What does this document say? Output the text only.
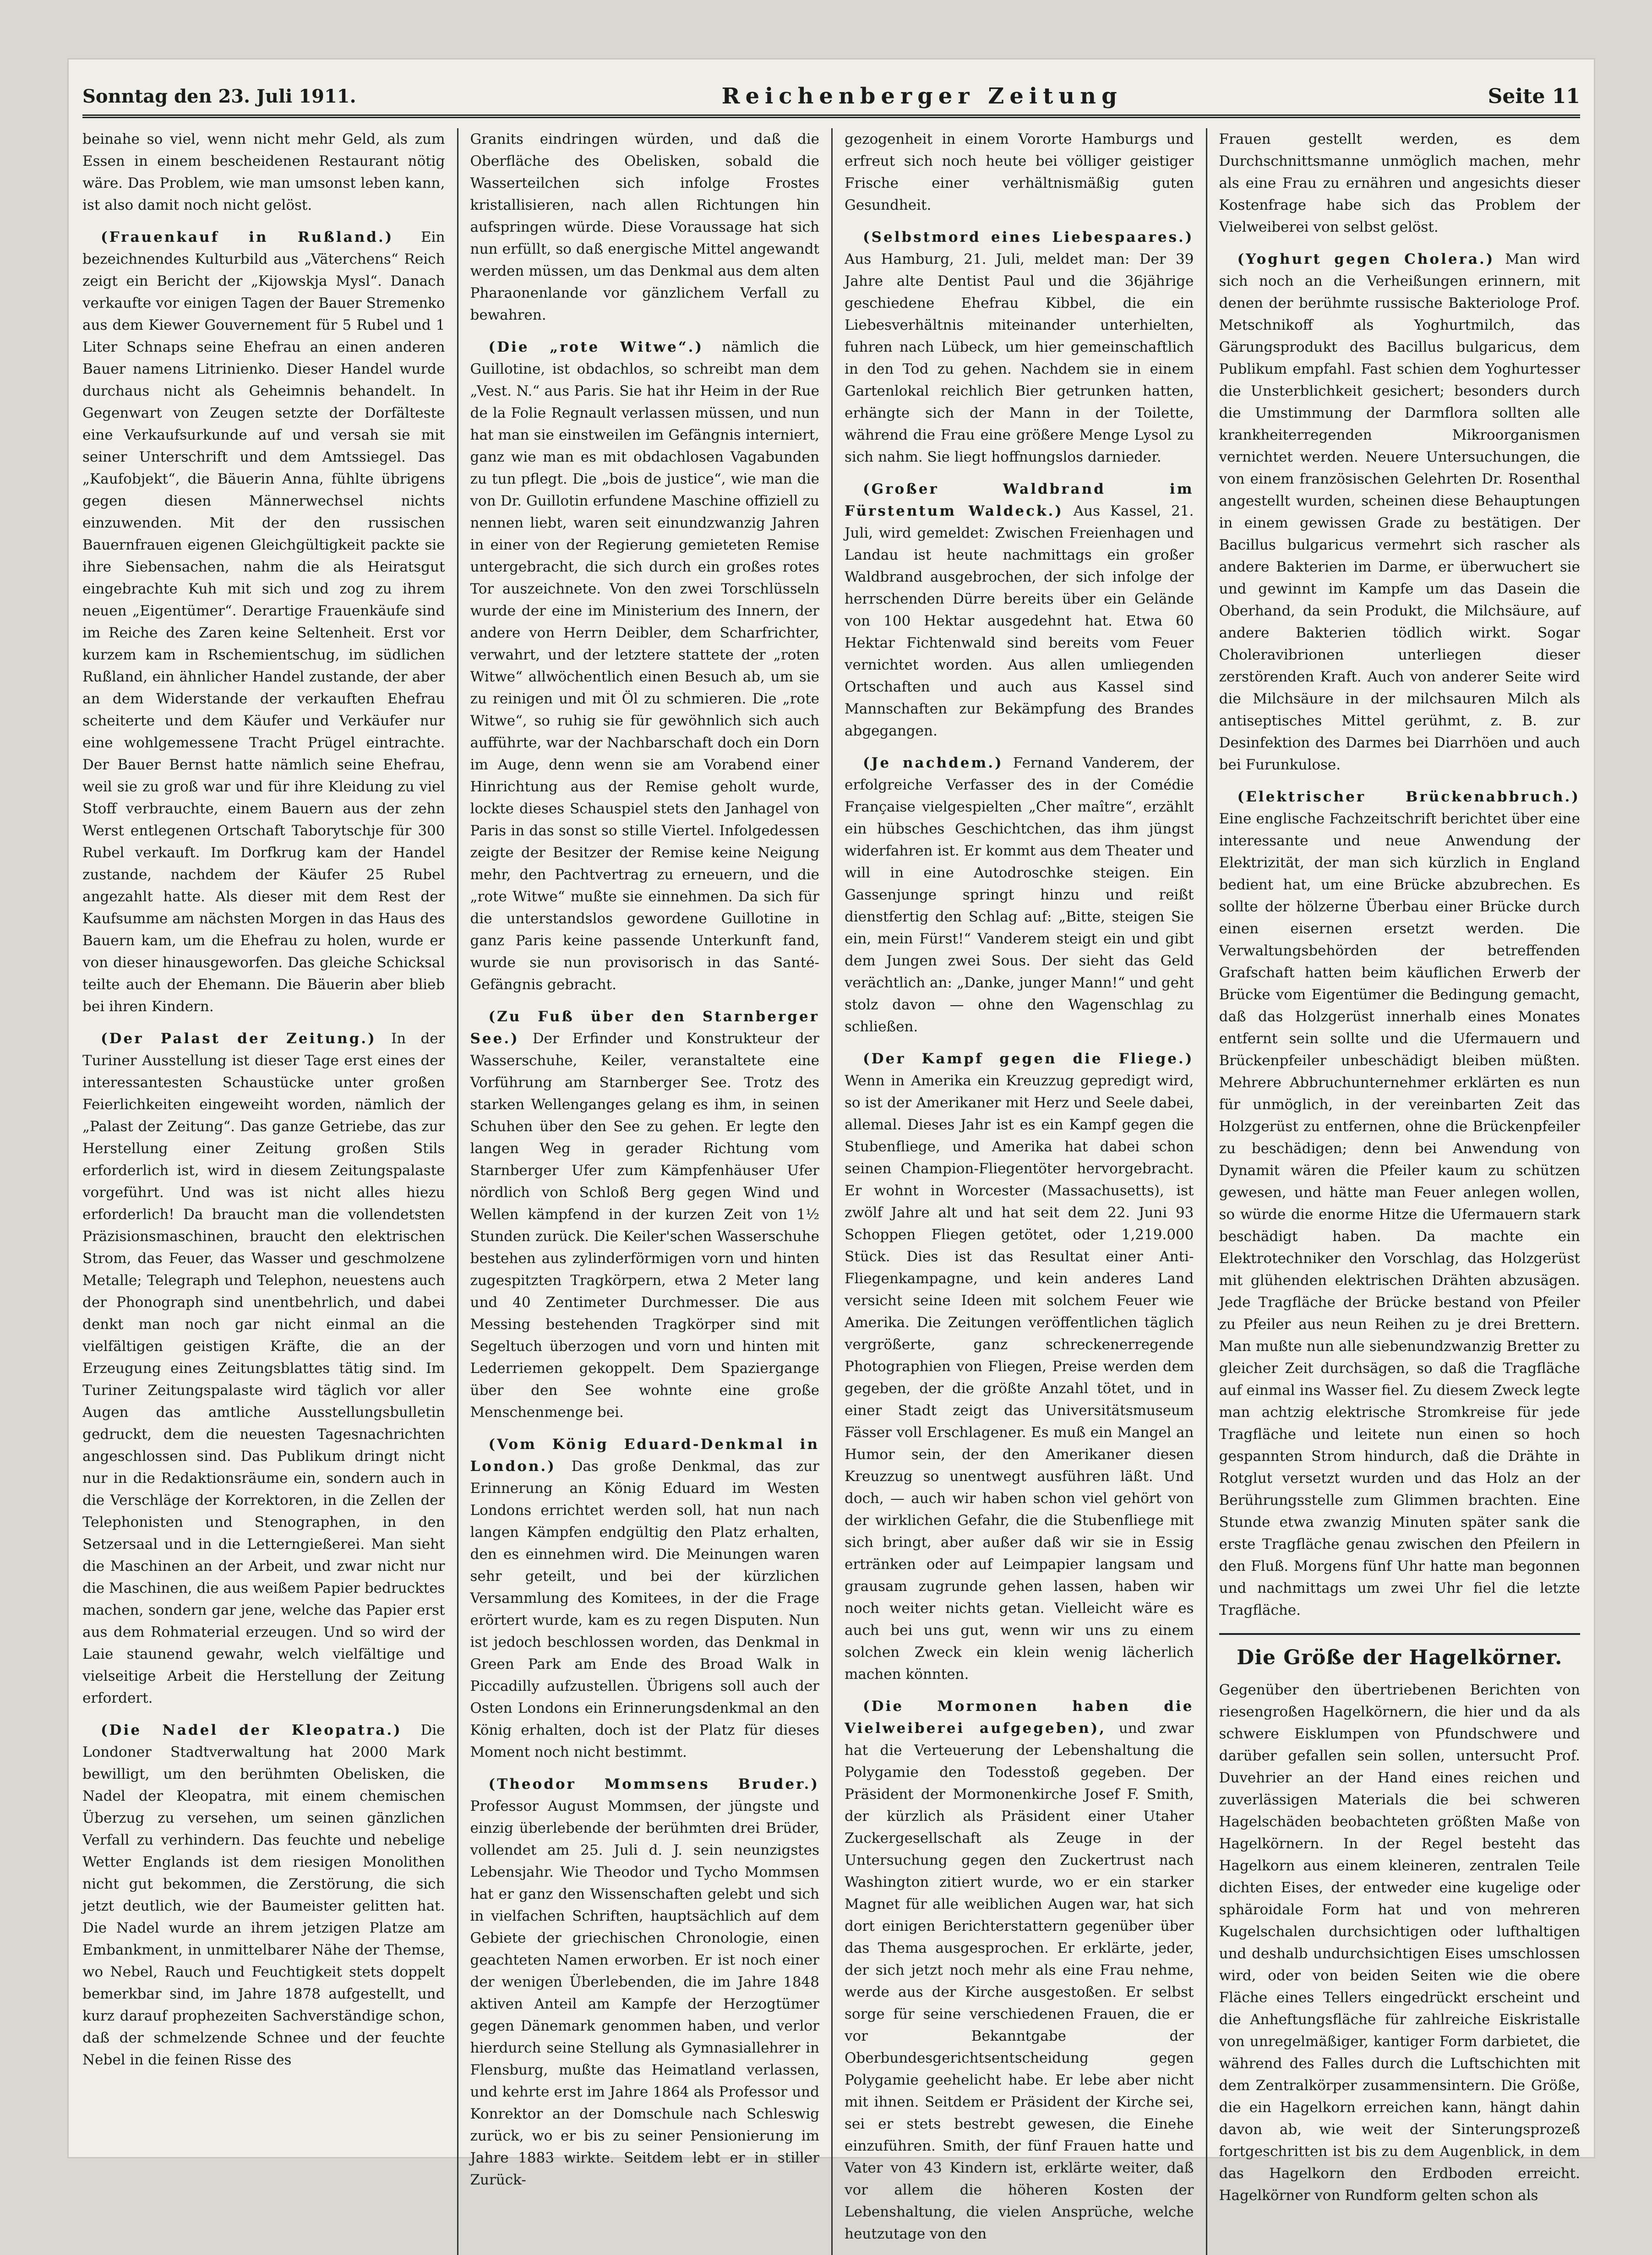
Sonntag den 23. Juli 1911.	Reichenberger Zeitung	Seite 11

beinahe so viel, wenn nicht mehr Geld, als zum Essen in einem bescheidenen Restaurant nötig wäre. Das Problem, wie man umsonst leben kann, ist also damit noch nicht gelöst.

(Frauenkauf in Rußland.) Ein bezeichnendes Kulturbild aus „Väterchens“ Reich zeigt ein Bericht der „Kijowskja Mysl“. Danach verkaufte vor einigen Tagen der Bauer Stremenko aus dem Kiewer Gouvernement für 5 Rubel und 1 Liter Schnaps seine Ehefrau an einen anderen Bauer namens Litrinienko. Dieser Handel wurde durchaus nicht als Geheimnis behandelt. In Gegenwart von Zeugen setzte der Dorfälteste eine Verkaufsurkunde auf und versah sie mit seiner Unterschrift und dem Amtssiegel. Das „Kaufobjekt“, die Bäuerin Anna, fühlte übrigens gegen diesen Männerwechsel nichts einzuwenden. Mit der den russischen Bauernfrauen eigenen Gleichgültigkeit packte sie ihre Siebensachen, nahm die als Heiratsgut eingebrachte Kuh mit sich und zog zu ihrem neuen „Eigentümer“. Derartige Frauenkäufe sind im Reiche des Zaren keine Seltenheit. Erst vor kurzem kam in Rschemientschug, im südlichen Rußland, ein ähnlicher Handel zustande, der aber an dem Widerstande der verkauften Ehefrau scheiterte und dem Käufer und Verkäufer nur eine wohlgemessene Tracht Prügel eintrachte. Der Bauer Bernst hatte nämlich seine Ehefrau, weil sie zu groß war und für ihre Kleidung zu viel Stoff verbrauchte, einem Bauern aus der zehn Werst entlegenen Ortschaft Taborytschje für 300 Rubel verkauft. Im Dorfkrug kam der Handel zustande, nachdem der Käufer 25 Rubel angezahlt hatte. Als dieser mit dem Rest der Kaufsumme am nächsten Morgen in das Haus des Bauern kam, um die Ehefrau zu holen, wurde er von dieser hinausgeworfen. Das gleiche Schicksal teilte auch der Ehemann. Die Bäuerin aber blieb bei ihren Kindern.

(Der Palast der Zeitung.) In der Turiner Ausstellung ist dieser Tage erst eines der interessantesten Schaustücke unter großen Feierlichkeiten eingeweiht worden, nämlich der „Palast der Zeitung“. Das ganze Getriebe, das zur Herstellung einer Zeitung großen Stils erforderlich ist, wird in diesem Zeitungspalaste vorgeführt. Und was ist nicht alles hiezu erforderlich! Da braucht man die vollendetsten Präzisionsmaschinen, braucht den elektrischen Strom, das Feuer, das Wasser und geschmolzene Metalle; Telegraph und Telephon, neuestens auch der Phonograph sind unentbehrlich, und dabei denkt man noch gar nicht einmal an die vielfältigen geistigen Kräfte, die an der Erzeugung eines Zeitungsblattes tätig sind. Im Turiner Zeitungspalaste wird täglich vor aller Augen das amtliche Ausstellungsbulletin gedruckt, dem die neuesten Tagesnachrichten angeschlossen sind. Das Publikum dringt nicht nur in die Redaktionsräume ein, sondern auch in die Verschläge der Korrektoren, in die Zellen der Telephonisten und Stenographen, in den Setzersaal und in die Letterngießerei. Man sieht die Maschinen an der Arbeit, und zwar nicht nur die Maschinen, die aus weißem Papier bedrucktes machen, sondern gar jene, welche das Papier erst aus dem Rohmaterial erzeugen. Und so wird der Laie staunend gewahr, welch vielfältige und vielseitige Arbeit die Herstellung der Zeitung erfordert.

(Die Nadel der Kleopatra.) Die Londoner Stadtverwaltung hat 2000 Mark bewilligt, um den berühmten Obelisken, die Nadel der Kleopatra, mit einem chemischen Überzug zu versehen, um seinen gänzlichen Verfall zu verhindern. Das feuchte und nebelige Wetter Englands ist dem riesigen Monolithen nicht gut bekommen, die Zerstörung, die sich jetzt deutlich, wie der Baumeister gelitten hat. Die Nadel wurde an ihrem jetzigen Platze am Embankment, in unmittelbarer Nähe der Themse, wo Nebel, Rauch und Feuchtigkeit stets doppelt bemerkbar sind, im Jahre 1878 aufgestellt, und kurz darauf prophezeiten Sachverständige schon, daß der schmelzende Schnee und der feuchte Nebel in die feinen Risse des

Granits eindringen würden, und daß die Oberfläche des Obelisken, sobald die Wasserteilchen sich infolge Frostes kristallisieren, nach allen Richtungen hin aufspringen würde. Diese Voraussage hat sich nun erfüllt, so daß energische Mittel angewandt werden müssen, um das Denkmal aus dem alten Pharaonenlande vor gänzlichem Verfall zu bewahren.

(Die „rote Witwe“.) nämlich die Guillotine, ist obdachlos, so schreibt man dem „Vest. N.“ aus Paris. Sie hat ihr Heim in der Rue de la Folie Regnault verlassen müssen, und nun hat man sie einstweilen im Gefängnis interniert, ganz wie man es mit obdachlosen Vagabunden zu tun pflegt. Die „bois de justice“, wie man die von Dr. Guillotin erfundene Maschine offiziell zu nennen liebt, waren seit einundzwanzig Jahren in einer von der Regierung gemieteten Remise untergebracht, die sich durch ein großes rotes Tor auszeichnete. Von den zwei Torschlüsseln wurde der eine im Ministerium des Innern, der andere von Herrn Deibler, dem Scharfrichter, verwahrt, und der letztere stattete der „roten Witwe“ allwöchentlich einen Besuch ab, um sie zu reinigen und mit Öl zu schmieren. Die „rote Witwe“, so ruhig sie für gewöhnlich sich auch aufführte, war der Nachbarschaft doch ein Dorn im Auge, denn wenn sie am Vorabend einer Hinrichtung aus der Remise geholt wurde, lockte dieses Schauspiel stets den Janhagel von Paris in das sonst so stille Viertel. Infolgedessen zeigte der Besitzer der Remise keine Neigung mehr, den Pachtvertrag zu erneuern, und die „rote Witwe“ mußte sie einnehmen. Da sich für die unterstandslos gewordene Guillotine in ganz Paris keine passende Unterkunft fand, wurde sie nun provisorisch in das Santé-Gefängnis gebracht.

(Zu Fuß über den Starnberger See.) Der Erfinder und Konstrukteur der Wasserschuhe, Keiler, veranstaltete eine Vorführung am Starnberger See. Trotz des starken Wellenganges gelang es ihm, in seinen Schuhen über den See zu gehen. Er legte den langen Weg in gerader Richtung vom Starnberger Ufer zum Kämpfenhäuser Ufer nördlich von Schloß Berg gegen Wind und Wellen kämpfend in der kurzen Zeit von 1½ Stunden zurück. Die Keiler'schen Wasserschuhe bestehen aus zylinderförmigen vorn und hinten zugespitzten Tragkörpern, etwa 2 Meter lang und 40 Zentimeter Durchmesser. Die aus Messing bestehenden Tragkörper sind mit Segeltuch überzogen und vorn und hinten mit Lederriemen gekoppelt. Dem Spaziergange über den See wohnte eine große Menschenmenge bei.

(Vom König Eduard-Denkmal in London.) Das große Denkmal, das zur Erinnerung an König Eduard im Westen Londons errichtet werden soll, hat nun nach langen Kämpfen endgültig den Platz erhalten, den es einnehmen wird. Die Meinungen waren sehr geteilt, und bei der kürzlichen Versammlung des Komitees, in der die Frage erörtert wurde, kam es zu regen Disputen. Nun ist jedoch beschlossen worden, das Denkmal in Green Park am Ende des Broad Walk in Piccadilly aufzustellen. Übrigens soll auch der Osten Londons ein Erinnerungsdenkmal an den König erhalten, doch ist der Platz für dieses Moment noch nicht bestimmt.

(Theodor Mommsens Bruder.) Professor August Mommsen, der jüngste und einzig überlebende der berühmten drei Brüder, vollendet am 25. Juli d. J. sein neunzigstes Lebensjahr. Wie Theodor und Tycho Mommsen hat er ganz den Wissenschaften gelebt und sich in vielfachen Schriften, hauptsächlich auf dem Gebiete der griechischen Chronologie, einen geachteten Namen erworben. Er ist noch einer der wenigen Überlebenden, die im Jahre 1848 aktiven Anteil am Kampfe der Herzogtümer gegen Dänemark genommen haben, und verlor hierdurch seine Stellung als Gymnasiallehrer in Flensburg, mußte das Heimatland verlassen, und kehrte erst im Jahre 1864 als Professor und Konrektor an der Domschule nach Schleswig zurück, wo er bis zu seiner Pensionierung im Jahre 1883 wirkte. Seitdem lebt er in stiller Zurück-

gezogenheit in einem Vororte Hamburgs und erfreut sich noch heute bei völliger geistiger Frische einer verhältnismäßig guten Gesundheit.

(Selbstmord eines Liebespaares.) Aus Hamburg, 21. Juli, meldet man: Der 39 Jahre alte Dentist Paul und die 36jährige geschiedene Ehefrau Kibbel, die ein Liebesverhältnis miteinander unterhielten, fuhren nach Lübeck, um hier gemeinschaftlich in den Tod zu gehen. Nachdem sie in einem Gartenlokal reichlich Bier getrunken hatten, erhängte sich der Mann in der Toilette, während die Frau eine größere Menge Lysol zu sich nahm. Sie liegt hoffnungslos darnieder.

(Großer Waldbrand im Fürstentum Waldeck.) Aus Kassel, 21. Juli, wird gemeldet: Zwischen Freienhagen und Landau ist heute nachmittags ein großer Waldbrand ausgebrochen, der sich infolge der herrschenden Dürre bereits über ein Gelände von 100 Hektar ausgedehnt hat. Etwa 60 Hektar Fichtenwald sind bereits vom Feuer vernichtet worden. Aus allen umliegenden Ortschaften und auch aus Kassel sind Mannschaften zur Bekämpfung des Brandes abgegangen.

(Je nachdem.) Fernand Vanderem, der erfolgreiche Verfasser des in der Comédie Française vielgespielten „Cher maître“, erzählt ein hübsches Geschichtchen, das ihm jüngst widerfahren ist. Er kommt aus dem Theater und will in eine Autodroschke steigen. Ein Gassenjunge springt hinzu und reißt dienstfertig den Schlag auf: „Bitte, steigen Sie ein, mein Fürst!“ Vanderem steigt ein und gibt dem Jungen zwei Sous. Der sieht das Geld verächtlich an: „Danke, junger Mann!“ und geht stolz davon — ohne den Wagenschlag zu schließen.

(Der Kampf gegen die Fliege.) Wenn in Amerika ein Kreuzzug gepredigt wird, so ist der Amerikaner mit Herz und Seele dabei, allemal. Dieses Jahr ist es ein Kampf gegen die Stubenfliege, und Amerika hat dabei schon seinen Champion-Fliegentöter hervorgebracht. Er wohnt in Worcester (Massachusetts), ist zwölf Jahre alt und hat seit dem 22. Juni 93 Schoppen Fliegen getötet, oder 1,219.000 Stück. Dies ist das Resultat einer Anti-Fliegenkampagne, und kein anderes Land versicht seine Ideen mit solchem Feuer wie Amerika. Die Zeitungen veröffentlichen täglich vergrößerte, ganz schreckenerregende Photographien von Fliegen, Preise werden dem gegeben, der die größte Anzahl tötet, und in einer Stadt zeigt das Universitätsmuseum Fässer voll Erschlagener. Es muß ein Mangel an Humor sein, der den Amerikaner diesen Kreuzzug so unentwegt ausführen läßt. Und doch, — auch wir haben schon viel gehört von der wirklichen Gefahr, die die Stubenfliege mit sich bringt, aber außer daß wir sie in Essig ertränken oder auf Leimpapier langsam und grausam zugrunde gehen lassen, haben wir noch weiter nichts getan. Vielleicht wäre es auch bei uns gut, wenn wir uns zu einem solchen Zweck ein klein wenig lächerlich machen könnten.

(Die Mormonen haben die Vielweiberei aufgegeben), und zwar hat die Verteuerung der Lebenshaltung die Polygamie den Todesstoß gegeben. Der Präsident der Mormonenkirche Josef F. Smith, der kürzlich als Präsident einer Utaher Zuckergesellschaft als Zeuge in der Untersuchung gegen den Zuckertrust nach Washington zitiert wurde, wo er ein starker Magnet für alle weiblichen Augen war, hat sich dort einigen Berichterstattern gegenüber über das Thema ausgesprochen. Er erklärte, jeder, der sich jetzt noch mehr als eine Frau nehme, werde aus der Kirche ausgestoßen. Er selbst sorge für seine verschiedenen Frauen, die er vor Bekanntgabe der Oberbundesgerichtsentscheidung gegen Polygamie geehelicht habe. Er lebe aber nicht mit ihnen. Seitdem er Präsident der Kirche sei, sei er stets bestrebt gewesen, die Einehe einzuführen. Smith, der fünf Frauen hatte und Vater von 43 Kindern ist, erklärte weiter, daß vor allem die höheren Kosten der Lebenshaltung, die vielen Ansprüche, welche heutzutage von den

Frauen gestellt werden, es dem Durchschnittsmanne unmöglich machen, mehr als eine Frau zu ernähren und angesichts dieser Kostenfrage habe sich das Problem der Vielweiberei von selbst gelöst.

(Yoghurt gegen Cholera.) Man wird sich noch an die Verheißungen erinnern, mit denen der berühmte russische Bakteriologe Prof. Metschnikoff als Yoghurtmilch, das Gärungsprodukt des Bacillus bulgaricus, dem Publikum empfahl. Fast schien dem Yoghurtesser die Unsterblichkeit gesichert; besonders durch die Umstimmung der Darmflora sollten alle krankheiterregenden Mikroorganismen vernichtet werden. Neuere Untersuchungen, die von einem französischen Gelehrten Dr. Rosenthal angestellt wurden, scheinen diese Behauptungen in einem gewissen Grade zu bestätigen. Der Bacillus bulgaricus vermehrt sich rascher als andere Bakterien im Darme, er überwuchert sie und gewinnt im Kampfe um das Dasein die Oberhand, da sein Produkt, die Milchsäure, auf andere Bakterien tödlich wirkt. Sogar Choleravibrionen unterliegen dieser zerstörenden Kraft. Auch von anderer Seite wird die Milchsäure in der milchsauren Milch als antiseptisches Mittel gerühmt, z. B. zur Desinfektion des Darmes bei Diarrhöen und auch bei Furunkulose.

(Elektrischer Brückenabbruch.) Eine englische Fachzeitschrift berichtet über eine interessante und neue Anwendung der Elektrizität, der man sich kürzlich in England bedient hat, um eine Brücke abzubrechen. Es sollte der hölzerne Überbau einer Brücke durch einen eisernen ersetzt werden. Die Verwaltungsbehörden der betreffenden Grafschaft hatten beim käuflichen Erwerb der Brücke vom Eigentümer die Bedingung gemacht, daß das Holzgerüst innerhalb eines Monates entfernt sein sollte und die Ufermauern und Brückenpfeiler unbeschädigt bleiben müßten. Mehrere Abbruchunternehmer erklärten es nun für unmöglich, in der vereinbarten Zeit das Holzgerüst zu entfernen, ohne die Brückenpfeiler zu beschädigen; denn bei Anwendung von Dynamit wären die Pfeiler kaum zu schützen gewesen, und hätte man Feuer anlegen wollen, so würde die enorme Hitze die Ufermauern stark beschädigt haben. Da machte ein Elektrotechniker den Vorschlag, das Holzgerüst mit glühenden elektrischen Drähten abzusägen. Jede Tragfläche der Brücke bestand von Pfeiler zu Pfeiler aus neun Reihen zu je drei Brettern. Man mußte nun alle siebenundzwanzig Bretter zu gleicher Zeit durchsägen, so daß die Tragfläche auf einmal ins Wasser fiel. Zu diesem Zweck legte man achtzig elektrische Stromkreise für jede Tragfläche und leitete nun einen so hoch gespannten Strom hindurch, daß die Drähte in Rotglut versetzt wurden und das Holz an der Berührungsstelle zum Glimmen brachten. Eine Stunde etwa zwanzig Minuten später sank die erste Tragfläche genau zwischen den Pfeilern in den Fluß. Morgens fünf Uhr hatte man begonnen und nachmittags um zwei Uhr fiel die letzte Tragfläche.

Die Größe der Hagelkörner.

Gegenüber den übertriebenen Berichten von riesengroßen Hagelkörnern, die hier und da als schwere Eisklumpen von Pfundschwere und darüber gefallen sein sollen, untersucht Prof. Duvehrier an der Hand eines reichen und zuverlässigen Materials die bei schweren Hagelschäden beobachteten größten Maße von Hagelkörnern. In der Regel besteht das Hagelkorn aus einem kleineren, zentralen Teile dichten Eises, der entweder eine kugelige oder sphäroidale Form hat und von mehreren Kugelschalen durchsichtigen oder lufthaltigen und deshalb undurchsichtigen Eises umschlossen wird, oder von beiden Seiten wie die obere Fläche eines Tellers eingedrückt erscheint und die Anheftungsfläche für zahlreiche Eiskristalle von unregelmäßiger, kantiger Form darbietet, die während des Falles durch die Luftschichten mit dem Zentralkörper zusammensintern. Die Größe, die ein Hagelkorn erreichen kann, hängt dahin davon ab, wie weit der Sinterungsprozeß fortgeschritten ist bis zu dem Augenblick, in dem das Hagelkorn den Erdboden erreicht. Hagelkörner von Rundform gelten schon als
